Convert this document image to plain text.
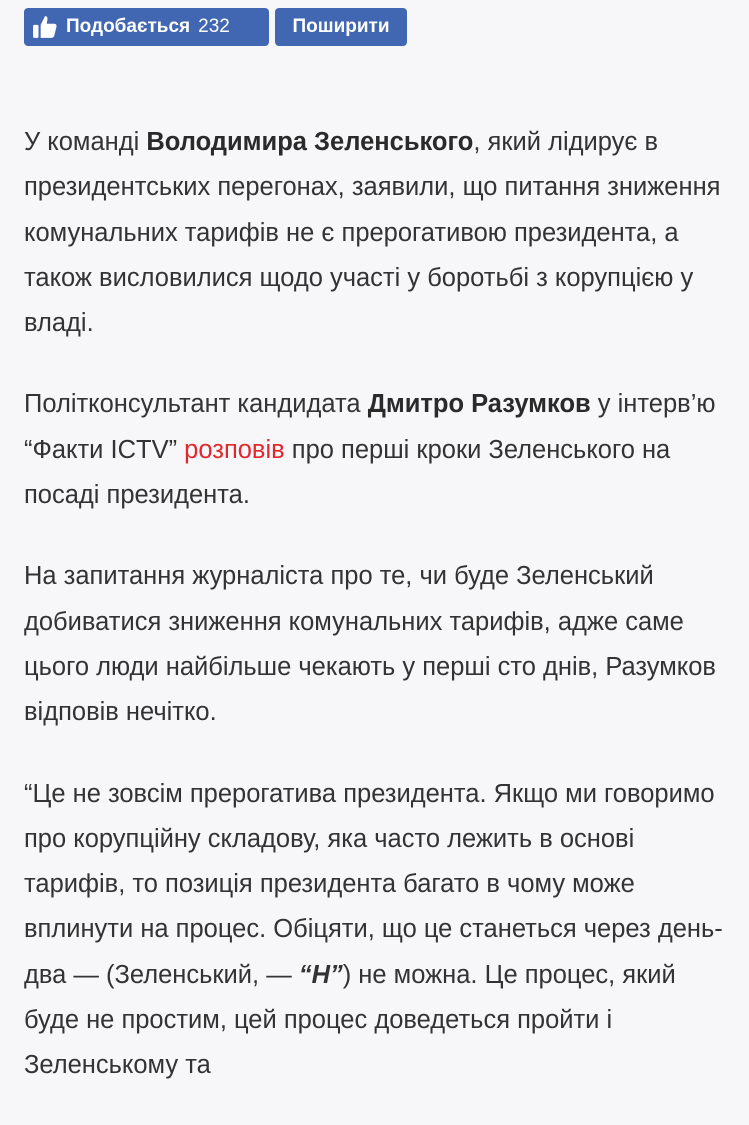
Подобається 232	Поширити

У команді Володимира Зеленського, який лідирує в президентських перегонах, заявили, що питання зниження комунальних тарифів не є прерогативою президента, а також висловилися щодо участі у боротьбі з корупцією у владі.

Політконсультант кандидата Дмитро Разумков у інтерв’ю “Факти ICTV” розповів про перші кроки Зеленського на посаді президента.

На запитання журналіста про те, чи буде Зеленський добиватися зниження комунальних тарифів, адже саме цього люди найбільше чекають у перші сто днів, Разумков відповів нечітко.

“Це не зовсім прерогатива президента. Якщо ми говоримо про корупційну складову, яка часто лежить в основі тарифів, то позиція президента багато в чому може вплинути на процес. Обіцяти, що це станеться через день-два — (Зеленський, — “Н”) не можна. Це процес, який буде не простим, цей процес доведеться пройти і Зеленському та
